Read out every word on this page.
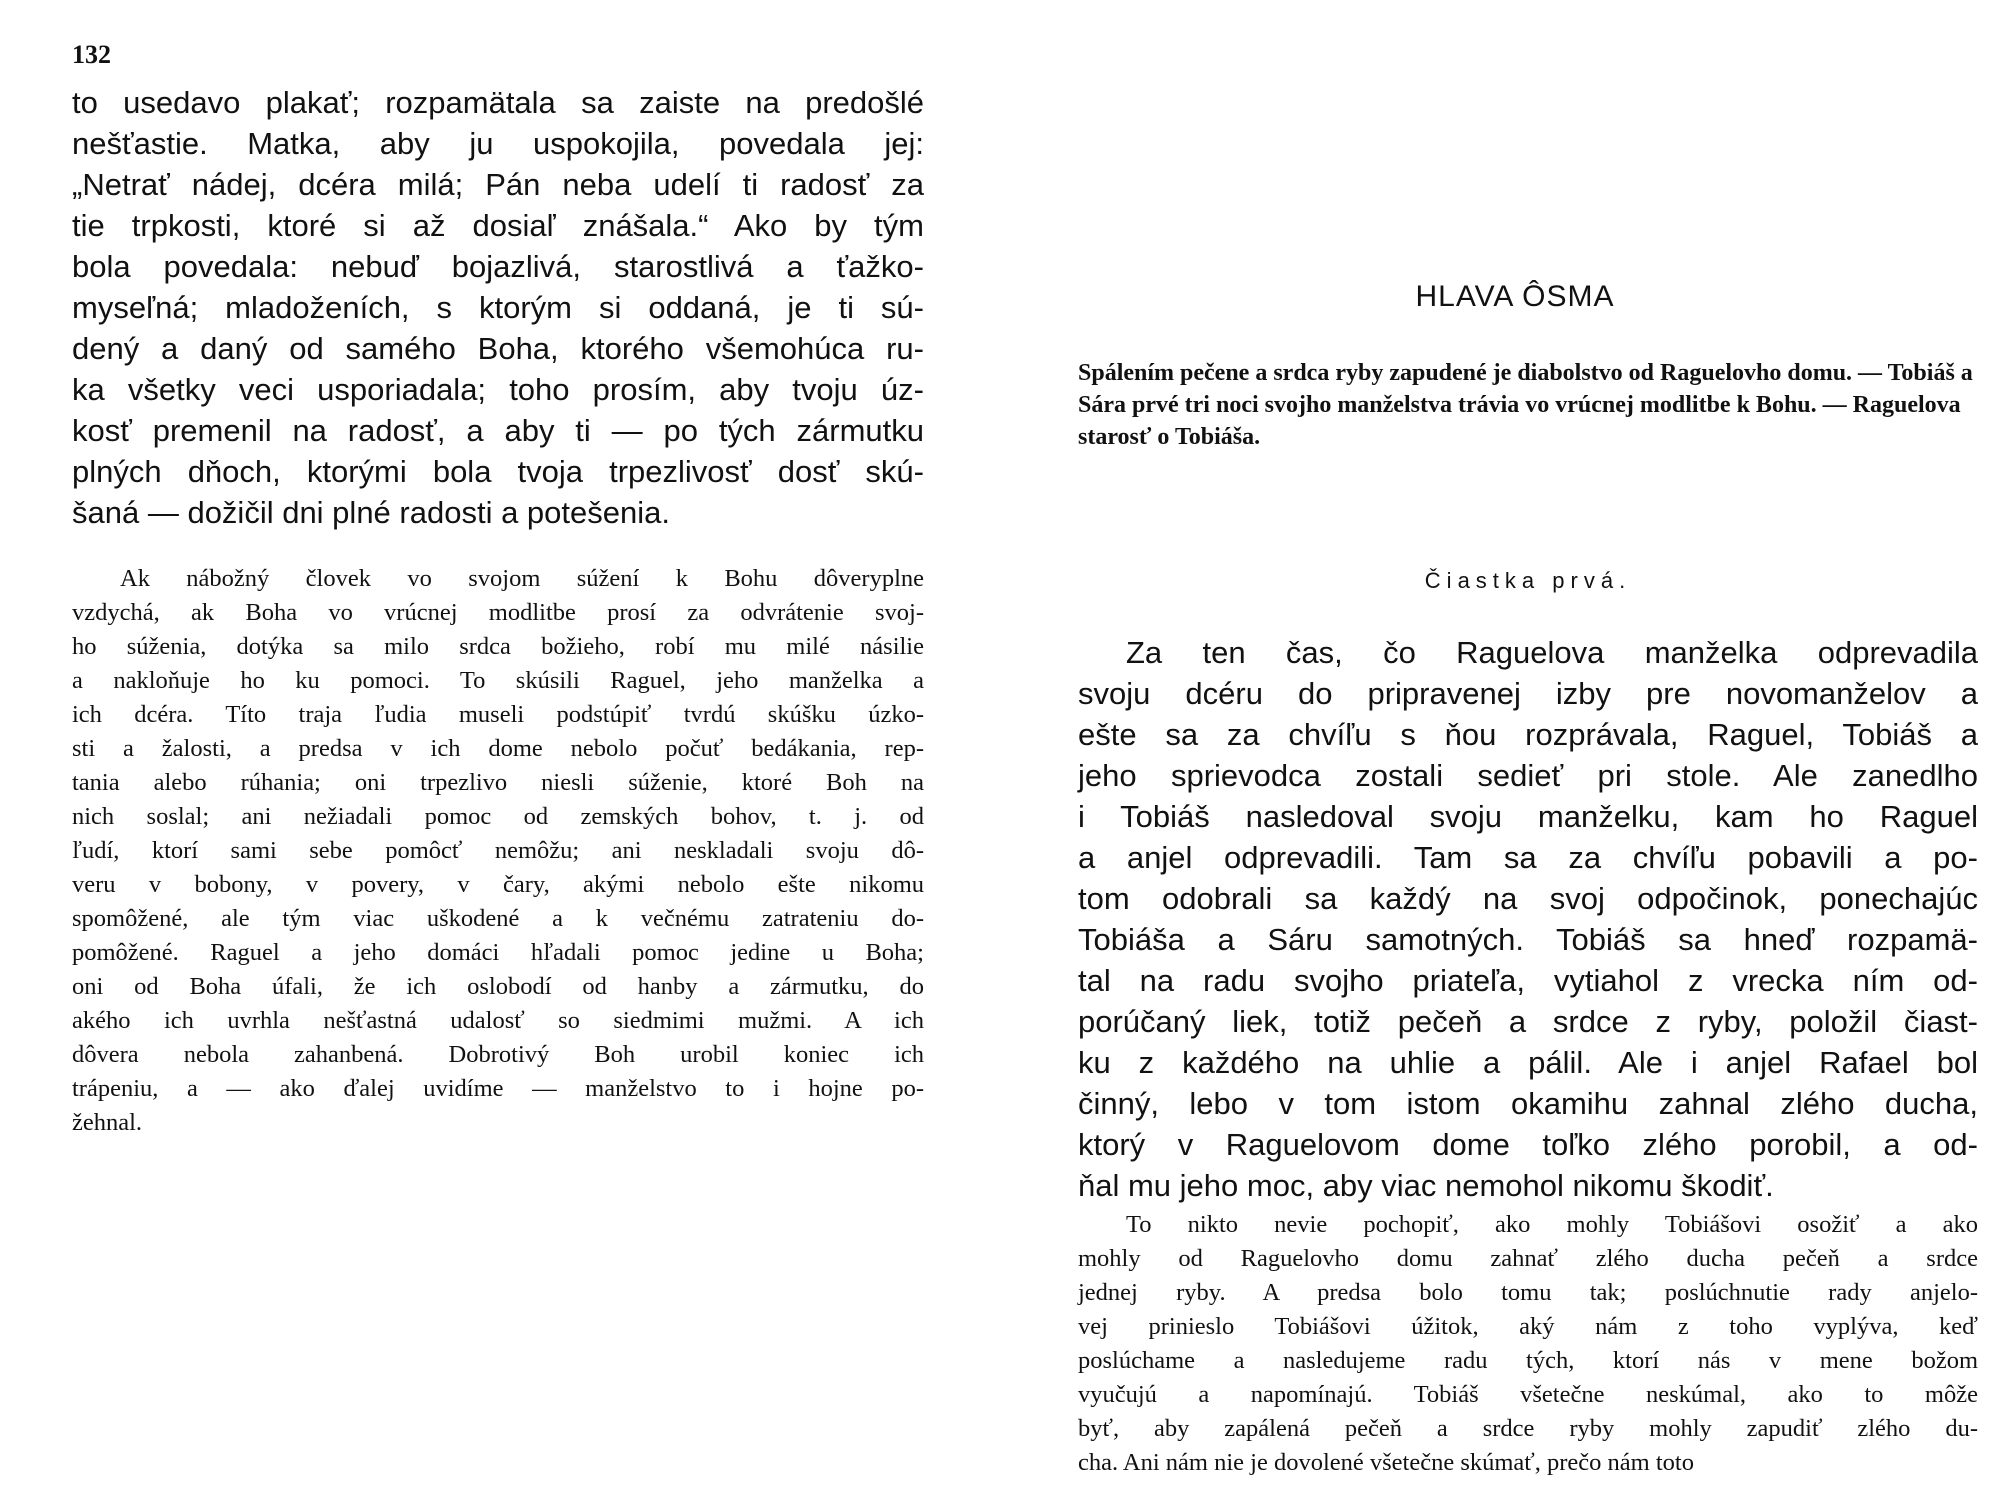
132
to usedavo plakať; rozpamätala sa zaiste na predošlé
nešťastie. Matka, aby ju uspokojila, povedala jej:
„Netrať nádej, dcéra milá; Pán neba udelí ti radosť za
tie trpkosti, ktoré si až dosiaľ znášala.“ Ako by tým
bola povedala: nebuď bojazlivá, starostlivá a ťažko-
myseľná; mladoženích, s ktorým si oddaná, je ti sú-
dený a daný od samého Boha, ktorého všemohúca ru-
ka všetky veci usporiadala; toho prosím, aby tvoju úz-
kosť premenil na radosť, a aby ti — po tých zármutku
plných dňoch, ktorými bola tvoja trpezlivosť dosť skú-
šaná — dožičil dni plné radosti a potešenia.
Ak nábožný človek vo svojom súžení k Bohu dôveryplne
vzdychá, ak Boha vo vrúcnej modlitbe prosí za odvrátenie svoj-
ho súženia, dotýka sa milo srdca božieho, robí mu milé násilie
a nakloňuje ho ku pomoci. To skúsili Raguel, jeho manželka a
ich dcéra. Títo traja ľudia museli podstúpiť tvrdú skúšku úzko-
sti a žalosti, a predsa v ich dome nebolo počuť bedákania, rep-
tania alebo rúhania; oni trpezlivo niesli súženie, ktoré Boh na
nich soslal; ani nežiadali pomoc od zemských bohov, t. j. od
ľudí, ktorí sami sebe pomôcť nemôžu; ani neskladali svoju dô-
veru v bobony, v povery, v čary, akými nebolo ešte nikomu
spomôžené, ale tým viac uškodené a k večnému zatrateniu do-
pomôžené. Raguel a jeho domáci hľadali pomoc jedine u Boha;
oni od Boha úfali, že ich oslobodí od hanby a zármutku, do
akého ich uvrhla nešťastná udalosť so siedmimi mužmi. A ich
dôvera nebola zahanbená. Dobrotivý Boh urobil koniec ich
trápeniu, a — ako ďalej uvidíme — manželstvo to i hojne po-
žehnal.
HLAVA ÔSMA
Spálením pečene a srdca ryby zapudené je diabolstvo od Raguelovho domu. — Tobiáš a Sára prvé tri noci svojho manželstva trávia vo vrúcnej modlitbe k Bohu. — Raguelova starosť o Tobiáša.
Čiastka prvá.
Za ten čas, čo Raguelova manželka odprevadila
svoju dcéru do pripravenej izby pre novomanželov a
ešte sa za chvíľu s ňou rozprávala, Raguel, Tobiáš a
jeho sprievodca zostali sedieť pri stole. Ale zanedlho
i Tobiáš nasledoval svoju manželku, kam ho Raguel
a anjel odprevadili. Tam sa za chvíľu pobavili a po-
tom odobrali sa každý na svoj odpočinok, ponechajúc
Tobiáša a Sáru samotných. Tobiáš sa hneď rozpamä-
tal na radu svojho priateľa, vytiahol z vrecka ním od-
porúčaný liek, totiž pečeň a srdce z ryby, položil čiast-
ku z každého na uhlie a pálil. Ale i anjel Rafael bol
činný, lebo v tom istom okamihu zahnal zlého ducha,
ktorý v Raguelovom dome toľko zlého porobil, a od-
ňal mu jeho moc, aby viac nemohol nikomu škodiť.
To nikto nevie pochopiť, ako mohly Tobiášovi osožiť a ako
mohly od Raguelovho domu zahnať zlého ducha pečeň a srdce
jednej ryby. A predsa bolo tomu tak; poslúchnutie rady anjelo-
vej prinieslo Tobiášovi úžitok, aký nám z toho vyplýva, keď
poslúchame a nasledujeme radu tých, ktorí nás v mene božom
vyučujú a napomínajú. Tobiáš všetečne neskúmal, ako to môže
byť, aby zapálená pečeň a srdce ryby mohly zapudiť zlého du-
cha. Ani nám nie je dovolené všetečne skúmať, prečo nám toto
